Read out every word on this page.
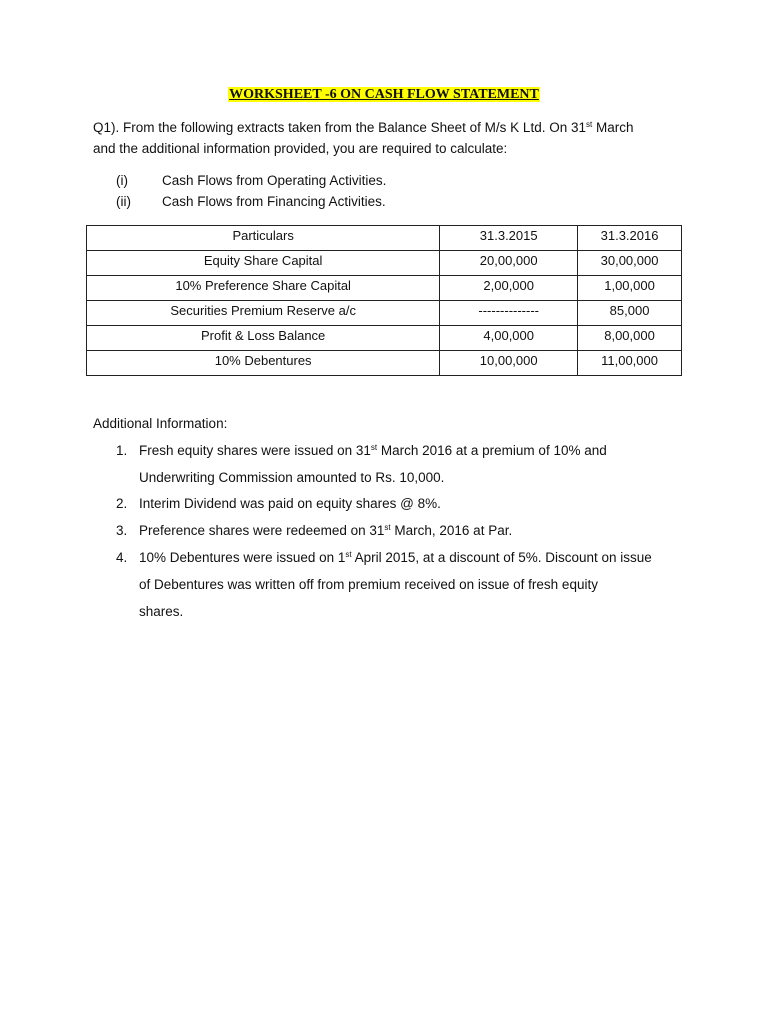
WORKSHEET -6 ON CASH FLOW STATEMENT
Q1). From the following extracts taken from the Balance Sheet of M/s K Ltd. On 31st March
and the additional information provided, you are required to calculate:
(i)	Cash Flows from Operating Activities.
(ii) Cash Flows from Financing Activities.
Particulars	31.3.2015	31.3.2016
Equity Share Capital	20,00,000	30,00,000
10% Preference Share Capital	2,00,000	1,00,000
Securities Premium Reserve a/c	--------------	85,000
Profit & Loss Balance	4,00,000	8,00,000
10% Debentures	10,00,000	11,00,000
Additional Information:
1. Fresh equity shares were issued on 31st March 2016 at a premium of 10% and
Underwriting Commission amounted to Rs. 10,000.
2. Interim Dividend was paid on equity shares @ 8%.
3. Preference shares were redeemed on 31st March, 2016 at Par.
4. 10% Debentures were issued on 1st April 2015, at a discount of 5%. Discount on issue
of Debentures was written off from premium received on issue of fresh equity
shares.
